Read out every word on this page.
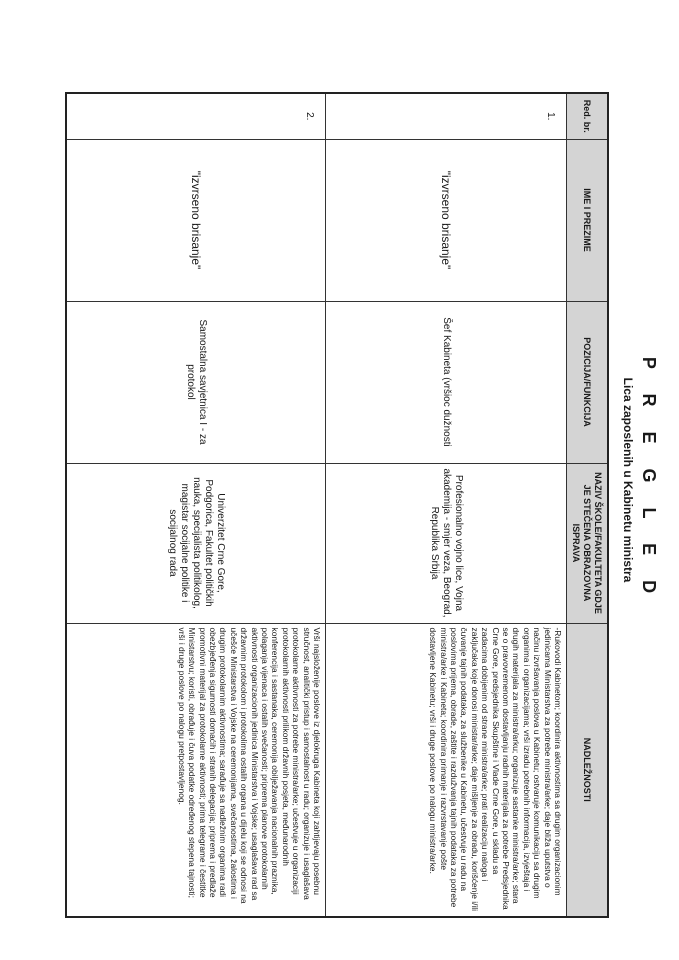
P R E G L E D
Lica zaposlenih u Kabinetu ministra
Red. br.	IME I PREZIME	POZICIJA/FUNKCIJA	NAZIV ŠKOLE/FAKULTETA GDJE JE STEČENA OBRAZOVNA ISPRAVA	NADLEŽNOSTI
1.	"izvrseno brisanje"	Šef Kabineta (vršioc dužnosti	Profesionalno vojno lice, Vojna akademija - smjer veza, Beograd, Republika Srbija	-Rukovodi Kabinetom; koordinira aktivnostima sa drugim organizacionim jedinicama Ministarstva za potrebe ministra/arke; daje bliža uputstva o načinu izvršavanja poslova u Kabinetu; ostvaruje komunikaciju sa drugim organima i organizacijama; vrši izradu potrebnih informacija, izvještaja i drugih materijala za ministra/arku; organizuje sastanke ministra/arke; stara se o pravovremenom dostavljanju radnih materijala za potrebe Predsjednika Crne Gore, predsjednika Skupštine i Vlade Crne Gore, u skladu sa zadacima dobijenim od strane ministra/arke; prati realizaciju naloga i zaključaka koje donosi ministar/arke; daje mišljenje za obradu, korišćenje i/ili čuvanje tajnih podataka, za službenike u Kabinetu, učestvuje u radu na poslovima prijema, obrade, zaštite i razdužvanja tajnih podataka za potrebe ministra/arke i Kabineta; koordinira primanje i razvrstavanje pošte dostavljene Kabinetu; vrši i druge poslove po nalogu ministra/arke.
2.	"izvrseno brisanje"	Samostalna savjetnica I - za protokol	Univerzitet Crne Gore, Podgorica, Fakultet političkih nauka, specijalista politikolog, magistar socijalne politike i socijalnog rada	Vrši najsloženije poslove iz djelokruga Kabineta koji zahtijevaju posebnu stručnost, analitički pristup i samostalnost u radu; organizuje i usaglašava protokolarne aktivnosti za potrebe ministra/arke; učestvuje u organizaciji protokolarnih aktivnosti prilikom državnih posjeta, međunarodnih konferencija i sastanaka, ceremonija obilježavanja nacionalnih praznika, polaganja vijenaca i ostalih svečanosti; priprema planove protokolarnih aktivnosti organizacionih jedinica Ministarstva i Vojske; usaglašava rad sa državnim protokolom i protokolima ostalih organa u dijelu koji se odnosi na učešće Ministarstva i Vojske na ceremonijama, svečanostima, žalostima i drugim protokolarnim aktivnostima; sarađuje sa nadležnim organima radi obezbjeđenja sigurnosti domaćih i stranih delegacija; priprema i predlaže promotivni materijal za protokolarne aktivnosti; prima telegrame i čestitke Ministarstvu; koristi, obrađuje i čuva podatke određenog stepena tajnosti; vrši i druge poslove po nalogu pretpostavljenog.
